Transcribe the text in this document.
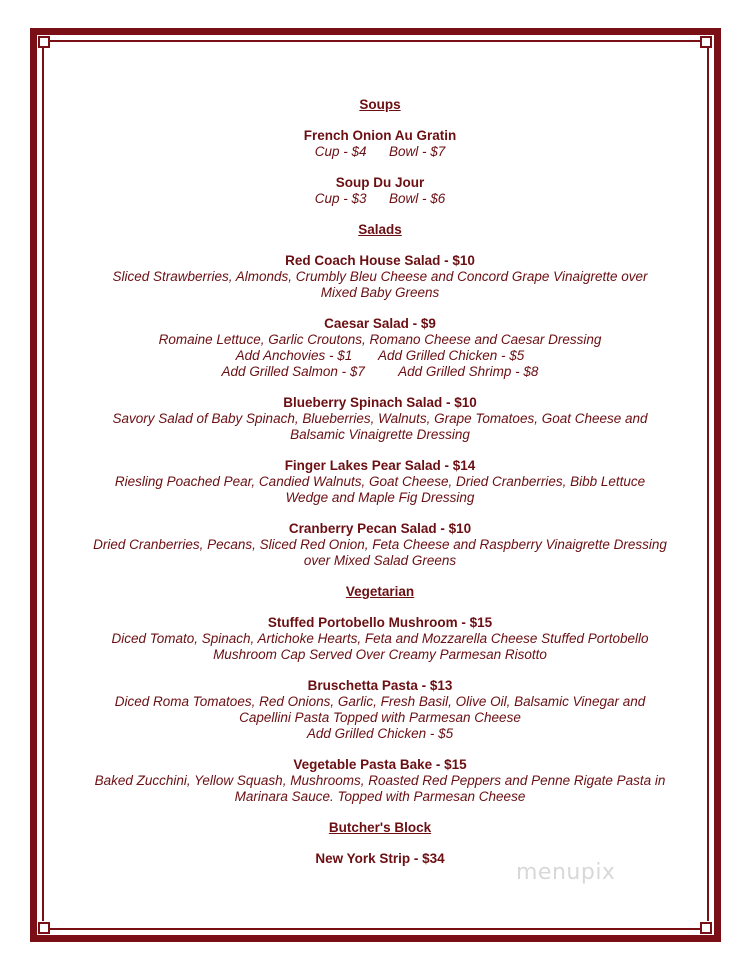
Soups
French Onion Au Gratin
Cup - $4      Bowl - $7
Soup Du Jour
Cup - $3      Bowl - $6
Salads
Red Coach House Salad - $10
Sliced Strawberries, Almonds, Crumbly Bleu Cheese and Concord Grape Vinaigrette over
Mixed Baby Greens
Caesar Salad - $9
Romaine Lettuce, Garlic Croutons, Romano Cheese and Caesar Dressing
Add Anchovies - $1       Add Grilled Chicken - $5
Add Grilled Salmon - $7         Add Grilled Shrimp - $8
Blueberry Spinach Salad - $10
Savory Salad of Baby Spinach, Blueberries, Walnuts, Grape Tomatoes, Goat Cheese and
Balsamic Vinaigrette Dressing
Finger Lakes Pear Salad - $14
Riesling Poached Pear, Candied Walnuts, Goat Cheese, Dried Cranberries, Bibb Lettuce
Wedge and Maple Fig Dressing
Cranberry Pecan Salad - $10
Dried Cranberries, Pecans, Sliced Red Onion, Feta Cheese and Raspberry Vinaigrette Dressing
over Mixed Salad Greens
Vegetarian
Stuffed Portobello Mushroom - $15
Diced Tomato, Spinach, Artichoke Hearts, Feta and Mozzarella Cheese Stuffed Portobello
Mushroom Cap Served Over Creamy Parmesan Risotto
Bruschetta Pasta - $13
Diced Roma Tomatoes, Red Onions, Garlic, Fresh Basil, Olive Oil, Balsamic Vinegar and
Capellini Pasta Topped with Parmesan Cheese
Add Grilled Chicken - $5
Vegetable Pasta Bake - $15
Baked Zucchini, Yellow Squash, Mushrooms, Roasted Red Peppers and Penne Rigate Pasta in
Marinara Sauce. Topped with Parmesan Cheese
Butcher's Block
New York Strip - $34
menupix
